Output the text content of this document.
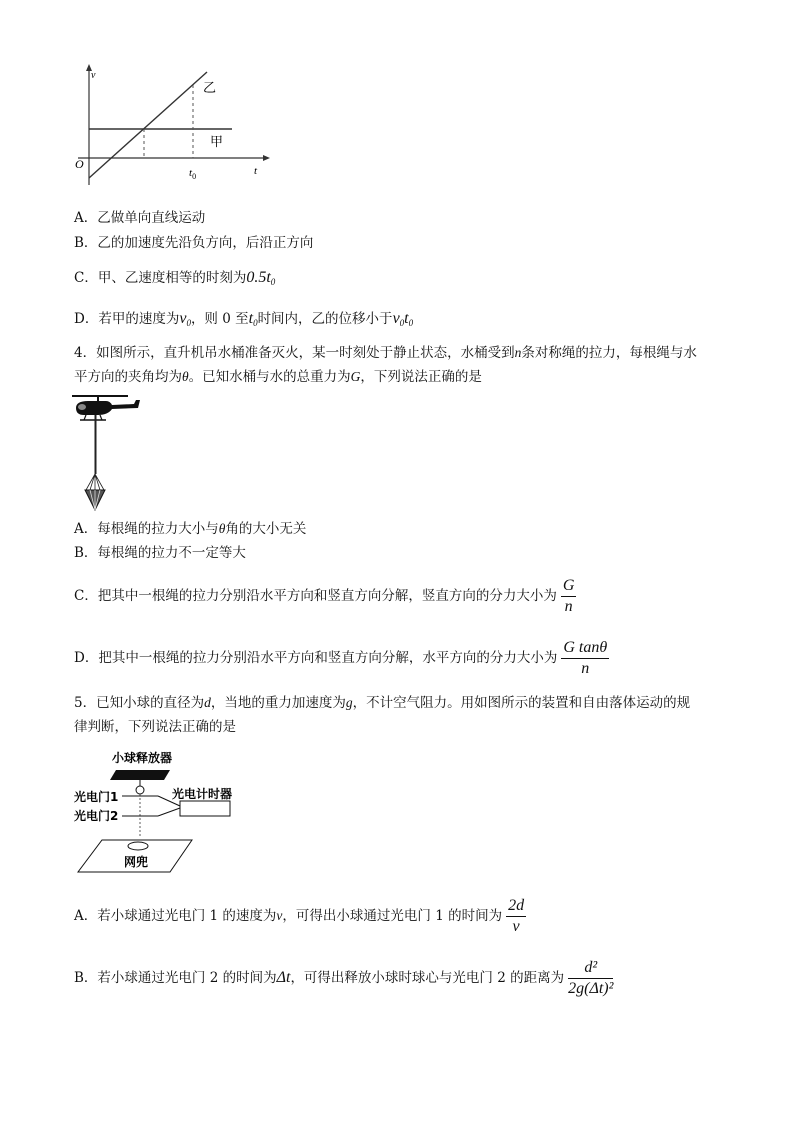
v
t
O
乙
甲
$t_0$
A．乙做单向直线运动
B．乙的加速度先沿负方向，后沿正方向
C．甲、乙速度相等的时刻为$0.5t_0$
D．若甲的速度为$v_0$，则 0 至$t_0$时间内，乙的位移小于$v_0t_0$
4．如图所示，直升机吊水桶准备灭火，某一时刻处于静止状态，水桶受到n条对称绳的拉力，每根绳与水
平方向的夹角均为θ。已知水桶与水的总重力为G，下列说法正确的是
A．每根绳的拉力大小与θ角的大小无关
B．每根绳的拉力不一定等大
C．把其中一根绳的拉力分别沿水平方向和竖直方向分解，竖直方向的分力大小为 $\frac{G}{n}$
D．把其中一根绳的拉力分别沿水平方向和竖直方向分解，水平方向的分力大小为 $\frac{\text{G tanθ}}{n}$
5．已知小球的直径为d，当地的重力加速度为g，不计空气阻力。用如图所示的装置和自由落体运动的规
律判断，下列说法正确的是
小球释放器
光电门1
光电门2
光电计时器
网兜
A．若小球通过光电门 1 的速度为v，可得出小球通过光电门 1 的时间为 $\frac{2d}{v}$
B．若小球通过光电门 2 的时间为Δt，可得出释放小球时球心与光电门 2 的距离为 $\frac{\text{d²}}{\text{2g(Δt)²}}$
